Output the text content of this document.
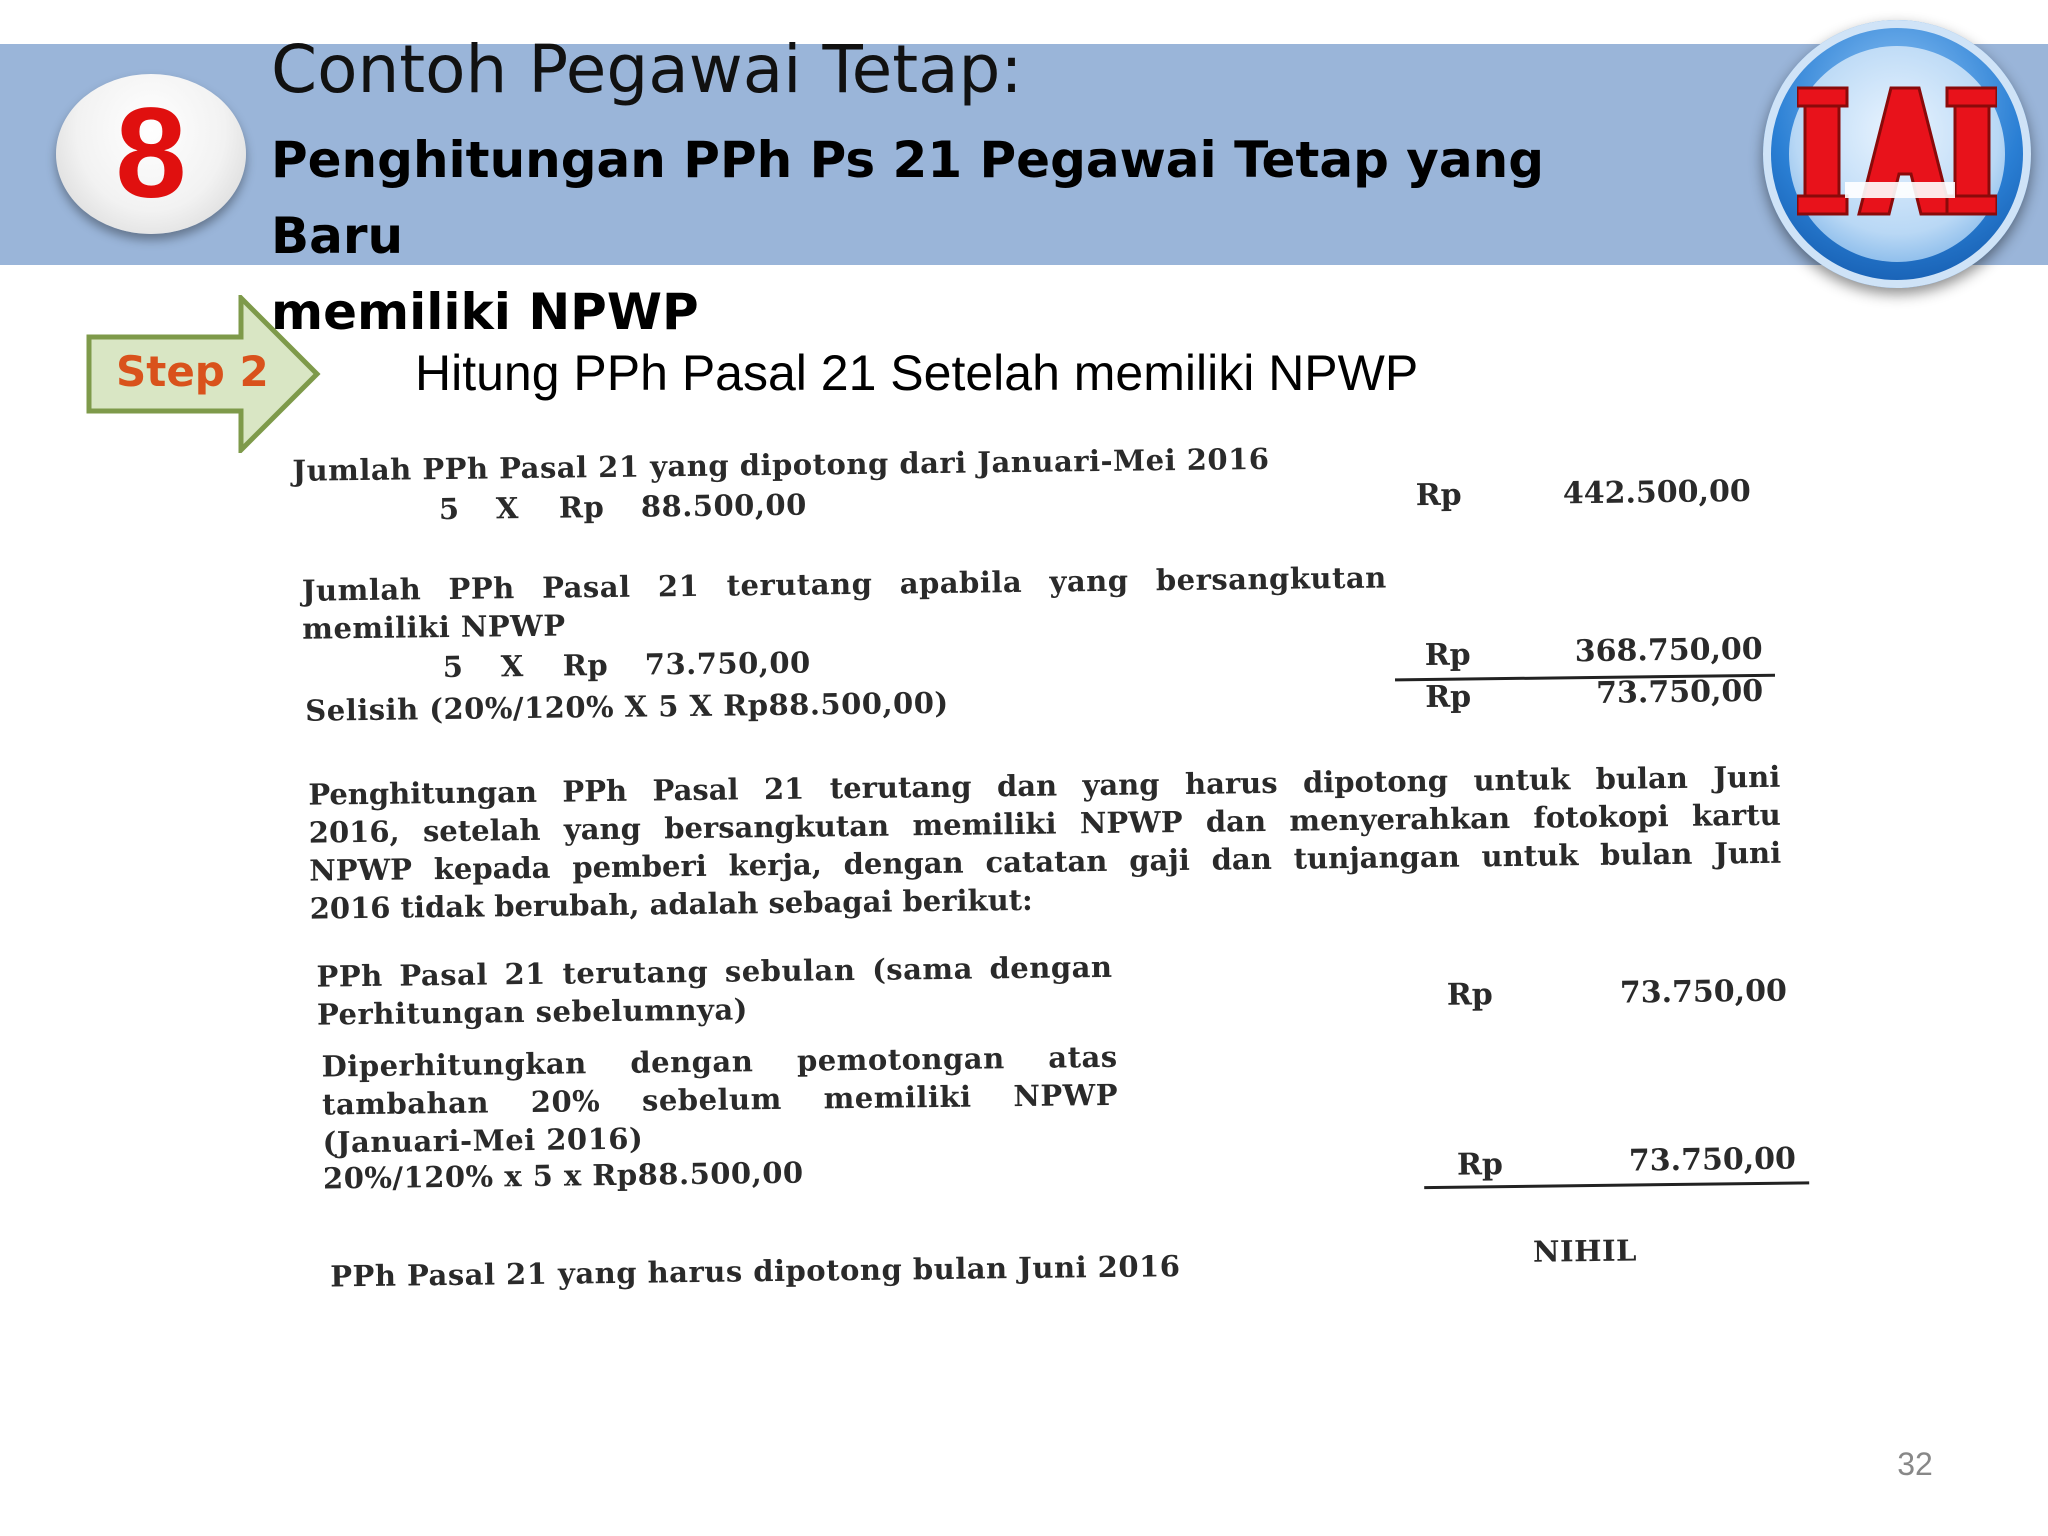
8
Contoh Pegawai Tetap:
Penghitungan PPh Ps 21 Pegawai Tetap yang Baru
memiliki NPWP
Step 2	Hitung PPh Pasal 21 Setelah memiliki NPWP
Jumlah PPh Pasal 21 yang dipotong dari Januari-Mei 2016
5 X Rp 88.500,00	Rp	442.500,00
Jumlah PPh Pasal 21 terutang apabila yang bersangkutan
memiliki NPWP
5 X Rp 73.750,00	Rp	368.750,00
Selisih (20%/120% X 5 X Rp88.500,00)	Rp	73.750,00
Penghitungan PPh Pasal 21 terutang dan yang harus dipotong untuk bulan Juni
2016, setelah yang bersangkutan memiliki NPWP dan menyerahkan fotokopi kartu
NPWP kepada pemberi kerja, dengan catatan gaji dan tunjangan untuk bulan Juni
2016 tidak berubah, adalah sebagai berikut:
PPh Pasal 21 terutang sebulan (sama dengan
Perhitungan sebelumnya)	Rp	73.750,00
Diperhitungkan dengan pemotongan atas
tambahan 20% sebelum memiliki NPWP
(Januari-Mei 2016)
20%/120% x 5 x Rp88.500,00	Rp	73.750,00
PPh Pasal 21 yang harus dipotong bulan Juni 2016	NIHIL
32
